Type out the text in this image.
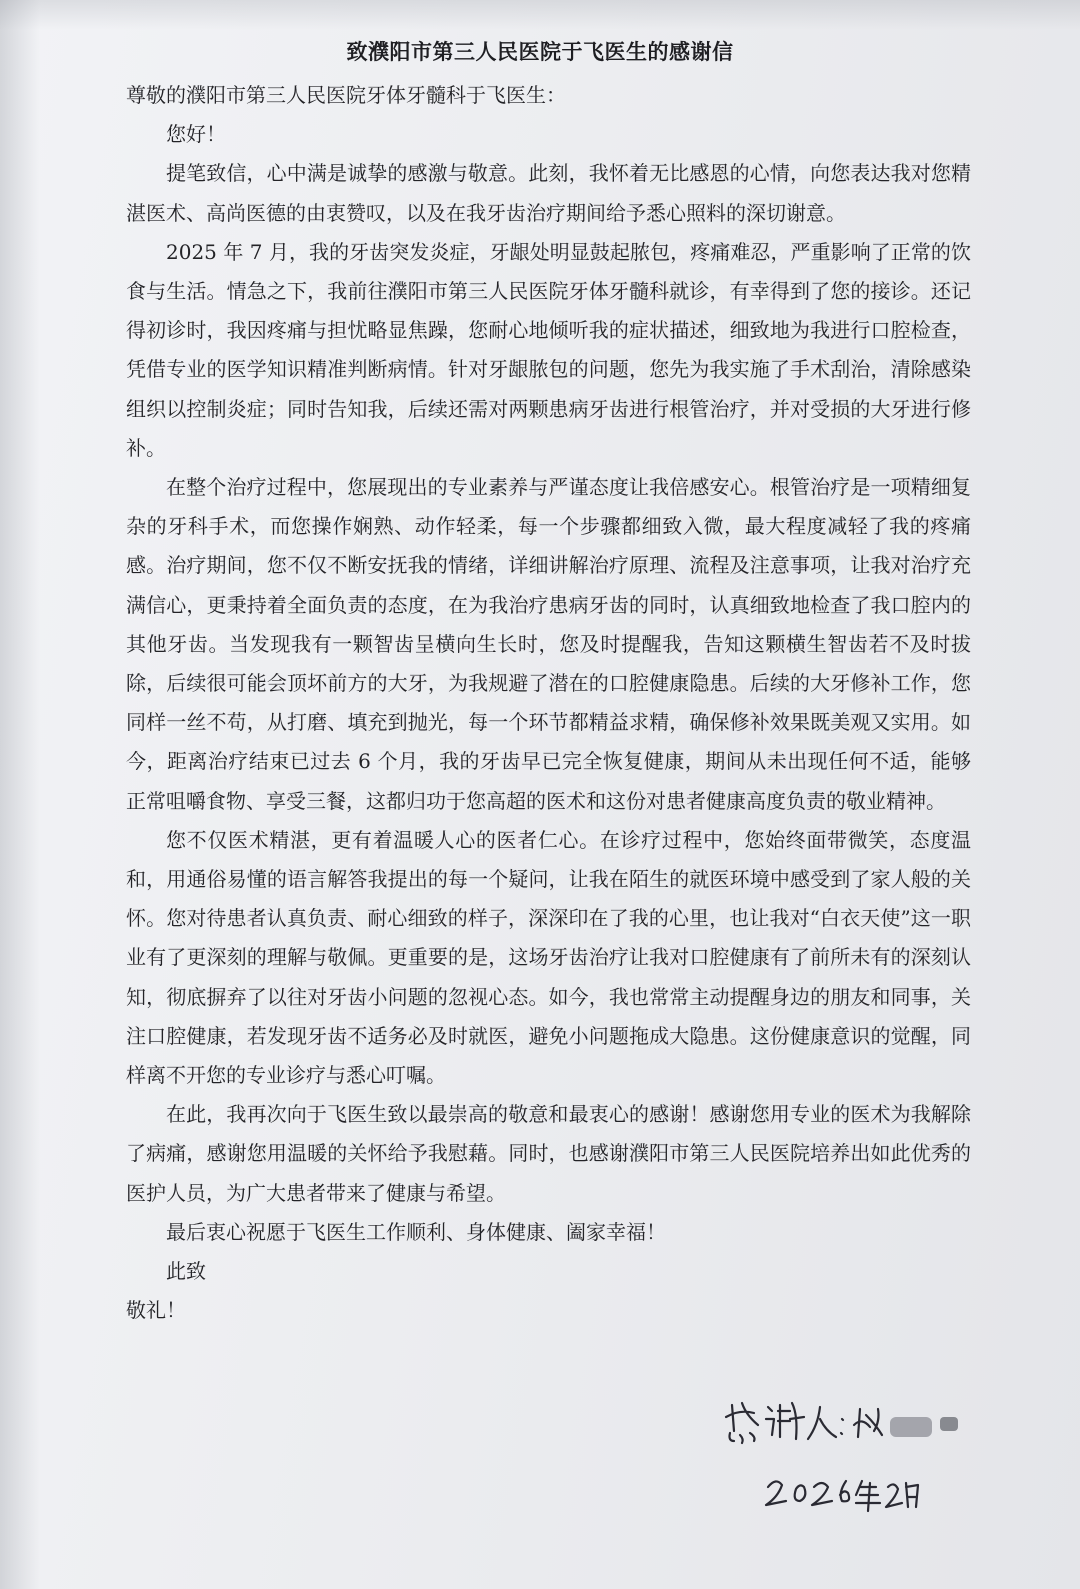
致濮阳市第三人民医院于飞医生的感谢信

尊敬的濮阳市第三人民医院牙体牙髓科于飞医生：

您好！

提笔致信，心中满是诚挚的感激与敬意。此刻，我怀着无比感恩的心情，向您表达我对您精湛医术、高尚医德的由衷赞叹，以及在我牙齿治疗期间给予悉心照料的深切谢意。

2025 年 7 月，我的牙齿突发炎症，牙龈处明显鼓起脓包，疼痛难忍，严重影响了正常的饮食与生活。情急之下，我前往濮阳市第三人民医院牙体牙髓科就诊，有幸得到了您的接诊。还记得初诊时，我因疼痛与担忧略显焦躁，您耐心地倾听我的症状描述，细致地为我进行口腔检查，凭借专业的医学知识精准判断病情。针对牙龈脓包的问题，您先为我实施了手术刮治，清除感染组织以控制炎症；同时告知我，后续还需对两颗患病牙齿进行根管治疗，并对受损的大牙进行修补。

在整个治疗过程中，您展现出的专业素养与严谨态度让我倍感安心。根管治疗是一项精细复杂的牙科手术，而您操作娴熟、动作轻柔，每一个步骤都细致入微，最大程度减轻了我的疼痛感。治疗期间，您不仅不断安抚我的情绪，详细讲解治疗原理、流程及注意事项，让我对治疗充满信心，更秉持着全面负责的态度，在为我治疗患病牙齿的同时，认真细致地检查了我口腔内的其他牙齿。当发现我有一颗智齿呈横向生长时，您及时提醒我，告知这颗横生智齿若不及时拔除，后续很可能会顶坏前方的大牙，为我规避了潜在的口腔健康隐患。后续的大牙修补工作，您同样一丝不苟，从打磨、填充到抛光，每一个环节都精益求精，确保修补效果既美观又实用。如今，距离治疗结束已过去 6 个月，我的牙齿早已完全恢复健康，期间从未出现任何不适，能够正常咀嚼食物、享受三餐，这都归功于您高超的医术和这份对患者健康高度负责的敬业精神。

您不仅医术精湛，更有着温暖人心的医者仁心。在诊疗过程中，您始终面带微笑，态度温和，用通俗易懂的语言解答我提出的每一个疑问，让我在陌生的就医环境中感受到了家人般的关怀。您对待患者认真负责、耐心细致的样子，深深印在了我的心里，也让我对“白衣天使”这一职业有了更深刻的理解与敬佩。更重要的是，这场牙齿治疗让我对口腔健康有了前所未有的深刻认知，彻底摒弃了以往对牙齿小问题的忽视心态。如今，我也常常主动提醒身边的朋友和同事，关注口腔健康，若发现牙齿不适务必及时就医，避免小问题拖成大隐患。这份健康意识的觉醒，同样离不开您的专业诊疗与悉心叮嘱。

在此，我再次向于飞医生致以最崇高的敬意和最衷心的感谢！感谢您用专业的医术为我解除了病痛，感谢您用温暖的关怀给予我慰藉。同时，也感谢濮阳市第三人民医院培养出如此优秀的医护人员，为广大患者带来了健康与希望。

最后衷心祝愿于飞医生工作顺利、身体健康、阖家幸福！

此致

敬礼！
